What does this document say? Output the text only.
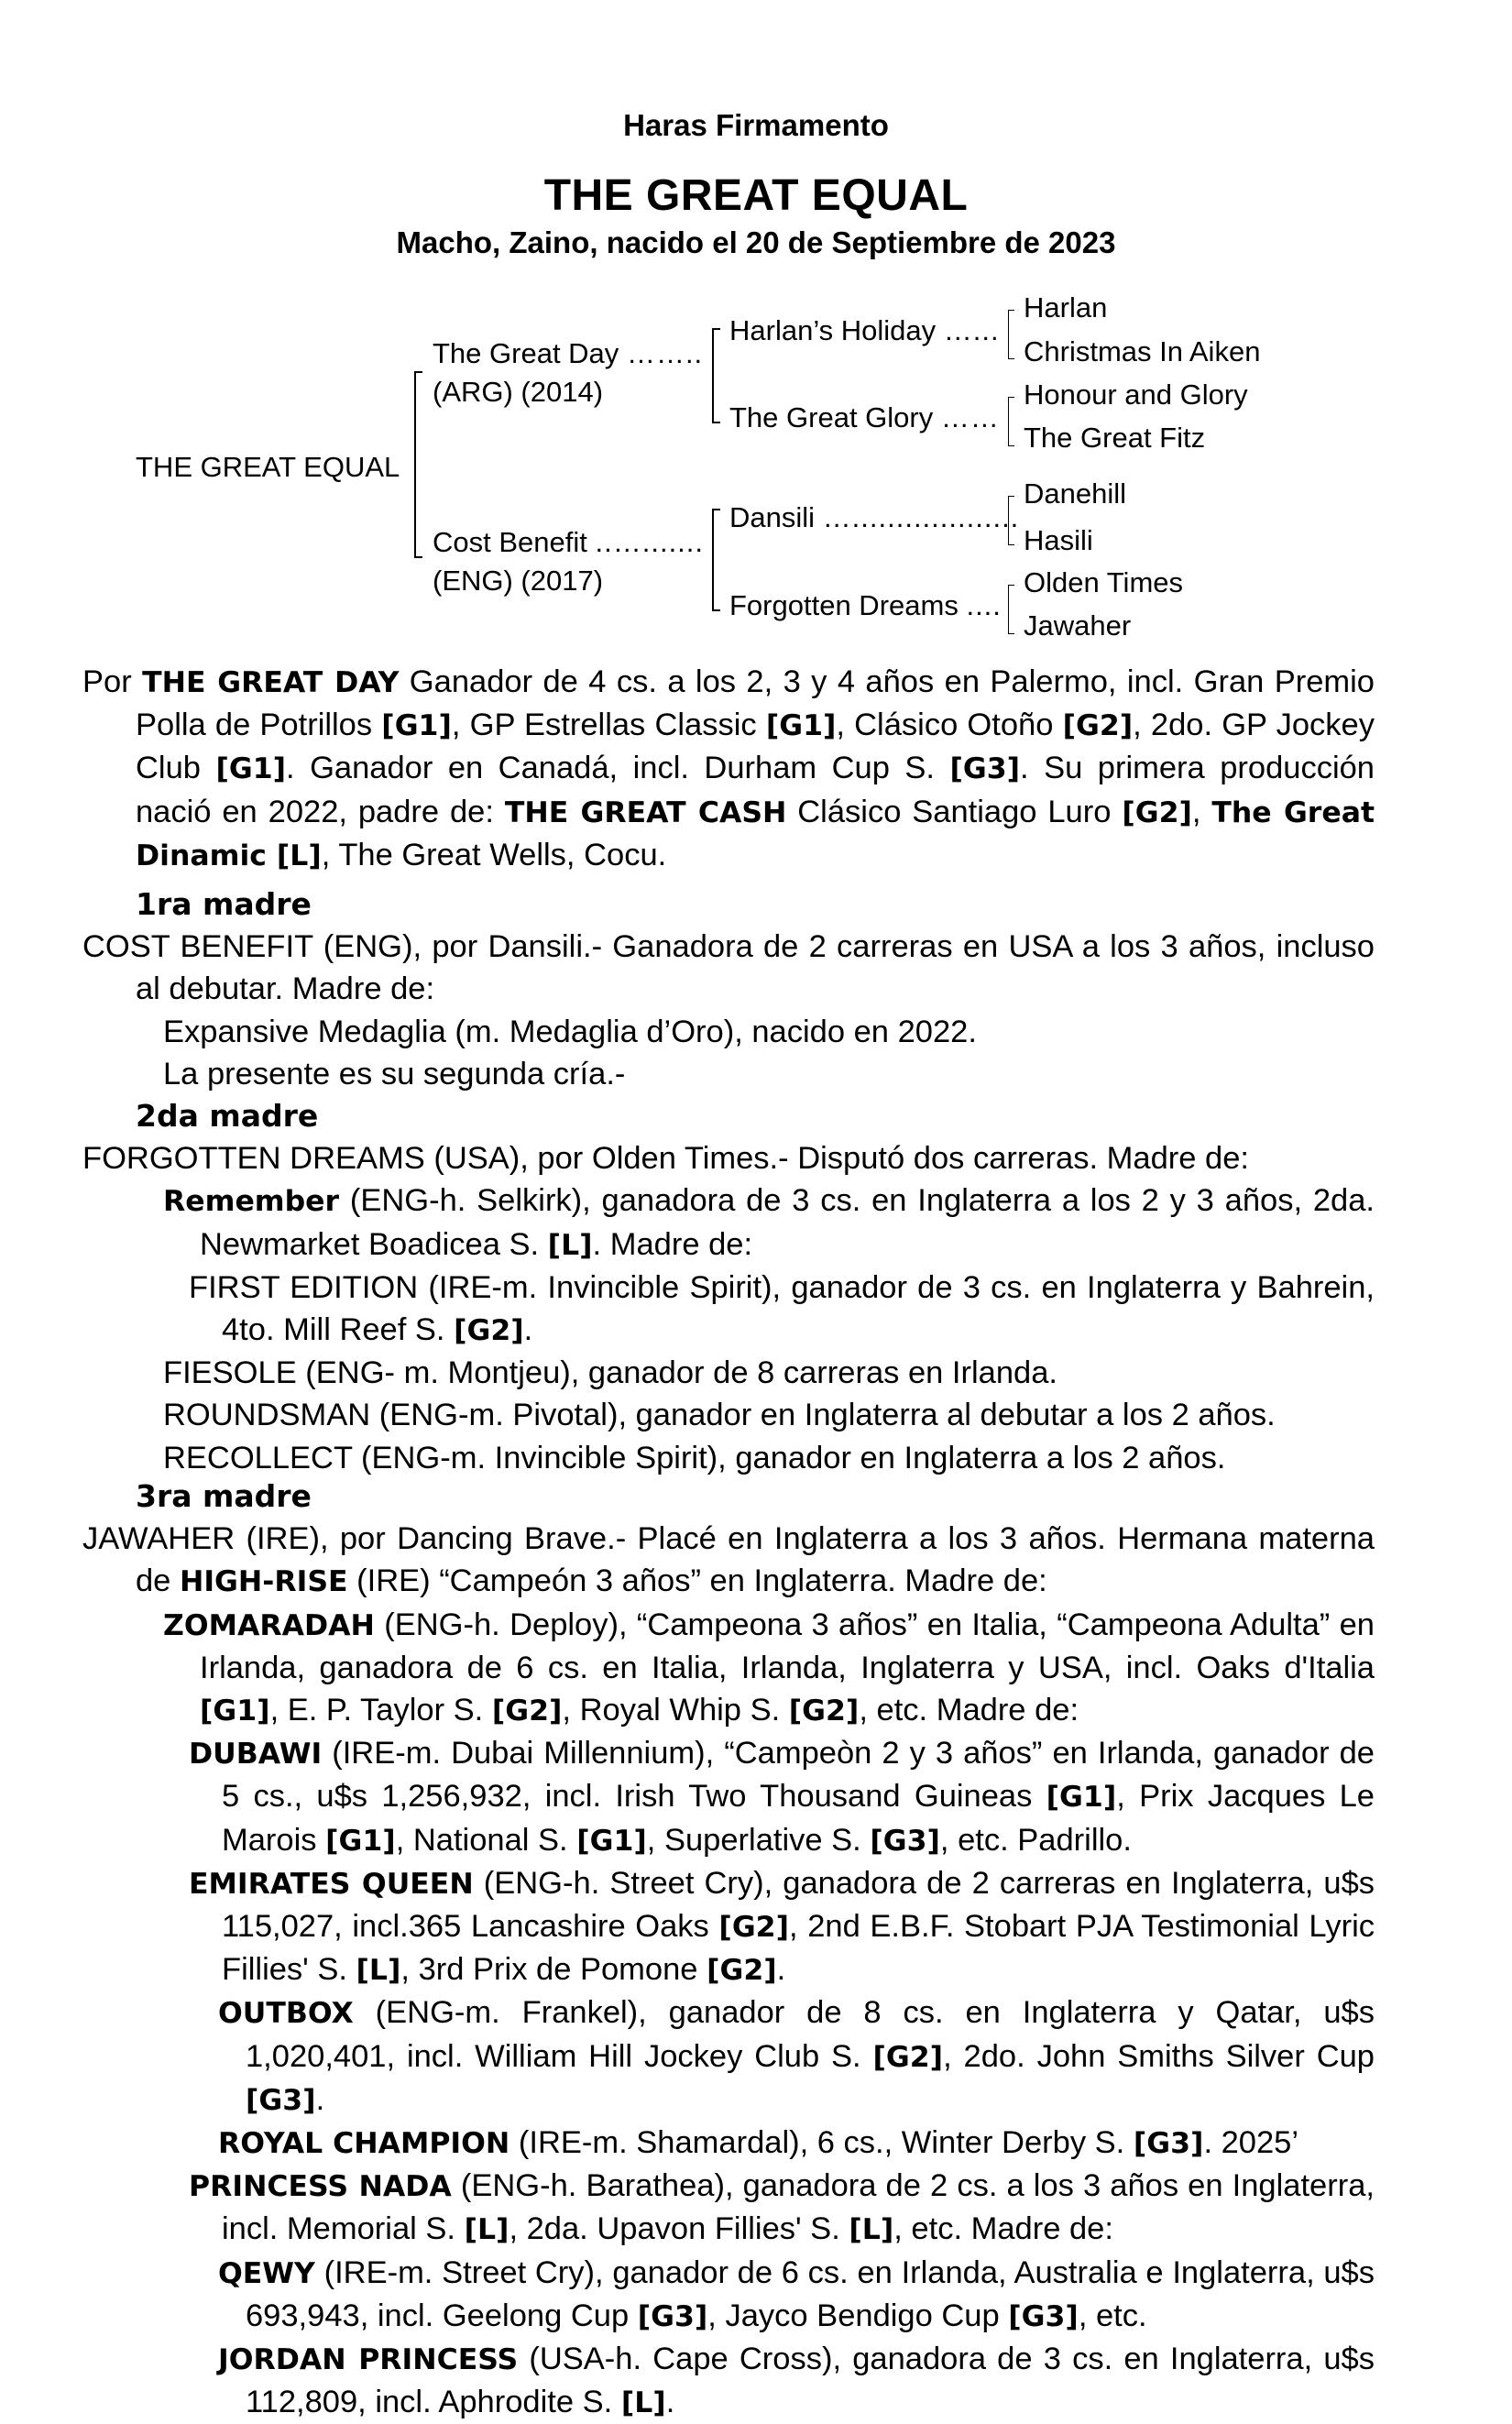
Haras Firmamento
THE GREAT EQUAL
Macho, Zaino, nacido el 20 de Septiembre de 2023
THE GREAT EQUAL
The Great Day ……..
(ARG) (2014)
Cost Benefit ..….......
(ENG) (2017)
Harlan’s Holiday …...
The Great Glory ……
Dansili …...................
Forgotten Dreams ....
Harlan
Christmas In Aiken
Honour and Glory
The Great Fitz
Danehill
Hasili
Olden Times
Jawaher

Por THE GREAT DAY Ganador de 4 cs. a los 2, 3 y 4 años en Palermo, incl. Gran Premio Polla de Potrillos [G1], GP Estrellas Classic [G1], Clásico Otoño [G2], 2do. GP Jockey Club [G1]. Ganador en Canadá, incl. Durham Cup S. [G3]. Su primera producción nació en 2022, padre de: THE GREAT CASH Clásico Santiago Luro [G2], The Great Dinamic [L], The Great Wells, Cocu.

1ra madre

COST BENEFIT (ENG), por Dansili.- Ganadora de 2 carreras en USA a los 3 años, incluso al debutar. Madre de:

Expansive Medaglia (m. Medaglia d’Oro), nacido en 2022.

La presente es su segunda cría.-

2da madre

FORGOTTEN DREAMS (USA), por Olden Times.- Disputó dos carreras. Madre de:

Remember (ENG-h. Selkirk), ganadora de 3 cs. en Inglaterra a los 2 y 3 años, 2da. Newmarket Boadicea S. [L]. Madre de:

FIRST EDITION (IRE-m. Invincible Spirit), ganador de 3 cs. en Inglaterra y Bahrein, 4to. Mill Reef S. [G2].

FIESOLE (ENG- m. Montjeu), ganador de 8 carreras en Irlanda.

ROUNDSMAN (ENG-m. Pivotal), ganador en Inglaterra al debutar a los 2 años.

RECOLLECT (ENG-m. Invincible Spirit), ganador en Inglaterra a los 2 años.

3ra madre

JAWAHER (IRE), por Dancing Brave.- Placé en Inglaterra a los 3 años. Hermana materna de HIGH-RISE (IRE) “Campeón 3 años” en Inglaterra. Madre de:

ZOMARADAH (ENG-h. Deploy), “Campeona 3 años” en Italia, “Campeona Adulta” en Irlanda, ganadora de 6 cs. en Italia, Irlanda, Inglaterra y USA, incl. Oaks d'Italia [G1], E. P. Taylor S. [G2], Royal Whip S. [G2], etc. Madre de:

DUBAWI (IRE-m. Dubai Millennium), “Campeòn 2 y 3 años” en Irlanda, ganador de 5 cs., u$s 1,256,932, incl. Irish Two Thousand Guineas [G1], Prix Jacques Le Marois [G1], National S. [G1], Superlative S. [G3], etc. Padrillo.

EMIRATES QUEEN (ENG-h. Street Cry), ganadora de 2 carreras en Inglaterra, u$s 115,027, incl.365 Lancashire Oaks [G2], 2nd E.B.F. Stobart PJA Testimonial Lyric Fillies' S. [L], 3rd Prix de Pomone [G2].

OUTBOX (ENG-m. Frankel), ganador de 8 cs. en Inglaterra y Qatar, u$s 1,020,401, incl. William Hill Jockey Club S. [G2], 2do. John Smiths Silver Cup [G3].

ROYAL CHAMPION (IRE-m. Shamardal), 6 cs., Winter Derby S. [G3]. 2025’

PRINCESS NADA (ENG-h. Barathea), ganadora de 2 cs. a los 3 años en Inglaterra, incl. Memorial S. [L], 2da. Upavon Fillies' S. [L], etc. Madre de:

QEWY (IRE-m. Street Cry), ganador de 6 cs. en Irlanda, Australia e Inglaterra, u$s 693,943, incl. Geelong Cup [G3], Jayco Bendigo Cup [G3], etc.

JORDAN PRINCESS (USA-h. Cape Cross), ganadora de 3 cs. en Inglaterra, u$s 112,809, incl. Aphrodite S. [L].
